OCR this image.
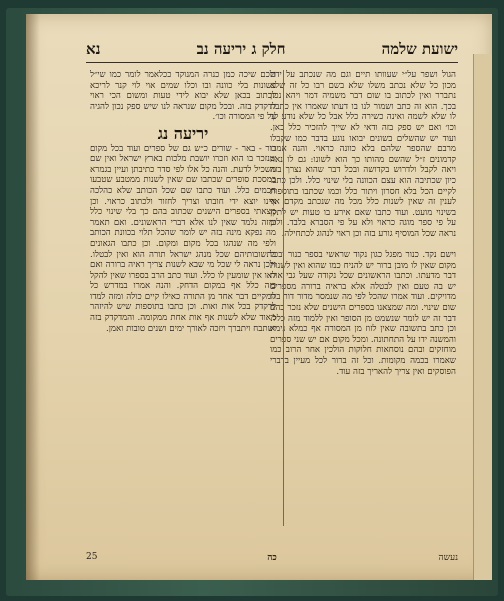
ישועת שלמה
חלק ג יריעה נב
נא

הגול ושפר על״י שעוותו תיים וגם מה שנכתב על ידם מכון כל שלא נכתב משלו שלא בשם רבו כל זה שלא נתברר ואין לכתוב בו שום דבר משמיה דמר ויהא נכון בכך. הוא זה כתב ושמור לנו בו דעתו שאמרו אין כתבת לו שלא לשמה ואינה כשירה כלל אבל כל שלא נודע לך וכו׳ ואם יש ספק בזה ודאי לא שייך להזכיר כלל כאן. ועוד יש שהשלים בשונים יבואו נוגע בדבר כמו שקבלו מרבם שהספר שלהם בלא כוונה כראוי. והנה אמרו קדמונים ז״ל שהשם מהותו כך הוא לשונו: גם לו נאה ויאה לקבל ולדרוש בקדושה ובכל דבר שהוא נצרך בזה כיון שכתיבה הוא עצם הכוונה בלי שינוי כלל. ולכן כתבו לקיים הכל בלא חסרון ויתור כלל וכמו שכתבו בתוספות לענין זה שאין לשנות כלל מכל מה שנכתב מקדם אף בשינוי מועט. ועוד כתבו שאם אירע בו טעות יש לתקן על פי ספר מוגה כראוי ולא על פי הסברא בלבד. ולכן נראה שכל המוסיף גורע בזה וכן ראוי לנהוג לכתחילה.

וישם נקד. כנור מפגל כגון נקוד שראשי בספר כנור ובכל מקום שאין לו מובן ברור יש להניח כמו שהוא ואין לשנות דבר מדעתו. וכתבו הראשונים שכל נקודה שעל גבי אות יש בה טעם ואין לבטלה אלא בראיה ברורה מספרים מדויקים. ועוד אמרו שהכל לפי מה שנמסר מדור דור בלי שום שינוי. ומה שמצאנו בספרים הישנים שלא נזכר בהם דבר זה יש לומר שנשמט מן הסופר ואין ללמוד מזה כלל. וכן כתב בתשובה שאין לזוז מן המסורה אף כמלא נימא והמשנה ידו על התחתונה. ומכל מקום אם יש שני ספרים מוחזקים ובהם נוסחאות חלוקות הולכין אחר הרוב כמו שאמרו בכמה מקומות. וכל זה ברור לכל מעיין בדברי הפוסקים ואין צריך להאריך בזה עוד.

ולכם שיכה כמן כנרה המנוקד ככלאמר לומר כמו שי״ל בשונות בלי כוונה ובו וכלו שמים אוי לוי קנר לריכא לכתוב בכאן שלא יבוא לידי טעות ומשום הכי ראוי לדקדק בזה. ובכל מקום שנראה לנו שיש ספק נכון להגיה על פי המסורה וכו׳.

יריעה נג

בור - באר - שורים כ״ש גם של ספרים ועוד בכל מקום שנזכר בו הוא וזכרו יושבת מלכות בארץ ישראל ואין שם משכיל לדעת. והנה כל אלו לפי סדר כתיבתן ועיין בגמרא במסכת סופרים שכתבו שם שאין לשנות ממטבע שטבעו חכמים כלל. ועוד כתבו שם שכל הכותב שלא כהלכה אינו יוצא ידי חובתו וצריך לחזור ולכתוב כראוי. וכן מצאתי בספרים הישנים שכתוב בהם כך בלי שינוי כלל ומזה נלמד שאין לנו אלא דברי הראשונים. ואם תאמר מה נפקא מינה בזה יש לומר שהכל תלוי בכוונת הכותב ולפי מה שנהגו בכל מקום ומקום. וכן כתבו הגאונים בתשובותיהם שכל מנהג ישראל תורה הוא ואין לבטלו. ולכן נראה לי שכל מי שבא לשנות צריך ראיה ברורה ואם לאו אין שומעין לו כלל. ועוד כתב הרב בספרו שאין להקל בזה כלל אף במקום הדחק. והנה אמרו במדרש כל המקיים דבר אחד מן התורה כאילו קיים כולה ומזה למדו לדקדק בכל אות ואות. וכן כתבו בתוספות שיש להיזהר מאוד שלא לשנות אף אות אחת ממקומה. והמדקדק בזה ישתבח ויתברך ויזכה לאורך ימים ושנים טובות ואמן.

נעשה
כה
25
